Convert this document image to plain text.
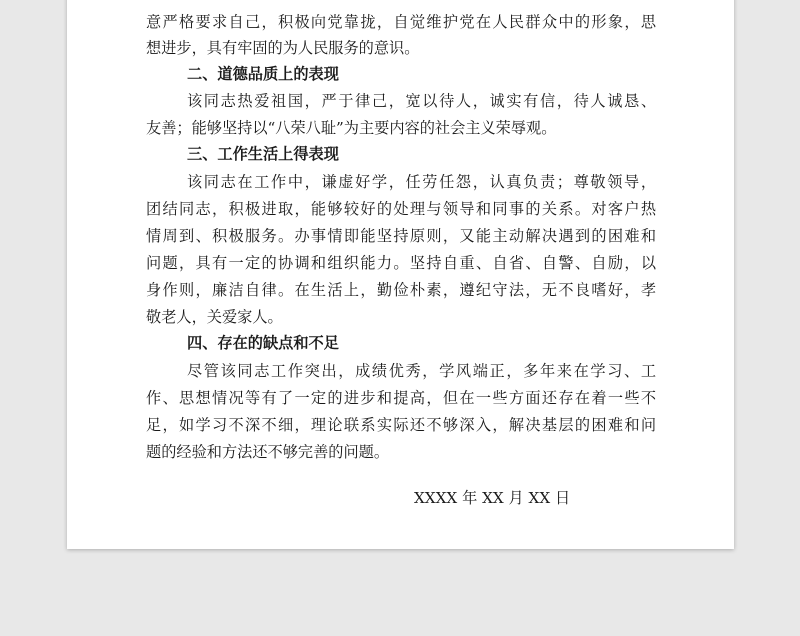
意严格要求自己，积极向党靠拢，自觉维护党在人民群众中的形象，思
想进步，具有牢固的为人民服务的意识。
二、道德品质上的表现
该同志热爱祖国，严于律己，宽以待人，诚实有信，待人诚恳、
友善；能够坚持以“八荣八耻”为主要内容的社会主义荣辱观。
三、工作生活上得表现
该同志在工作中，谦虚好学，任劳任怨，认真负责；尊敬领导，
团结同志，积极进取，能够较好的处理与领导和同事的关系。对客户热
情周到、积极服务。办事情即能坚持原则，又能主动解决遇到的困难和
问题，具有一定的协调和组织能力。坚持自重、自省、自警、自励，以
身作则，廉洁自律。在生活上，勤俭朴素，遵纪守法，无不良嗜好，孝
敬老人，关爱家人。
四、存在的缺点和不足
尽管该同志工作突出，成绩优秀，学风端正，多年来在学习、工
作、思想情况等有了一定的进步和提高，但在一些方面还存在着一些不
足，如学习不深不细，理论联系实际还不够深入，解决基层的困难和问
题的经验和方法还不够完善的问题。
XXXX 年 XX 月 XX 日
